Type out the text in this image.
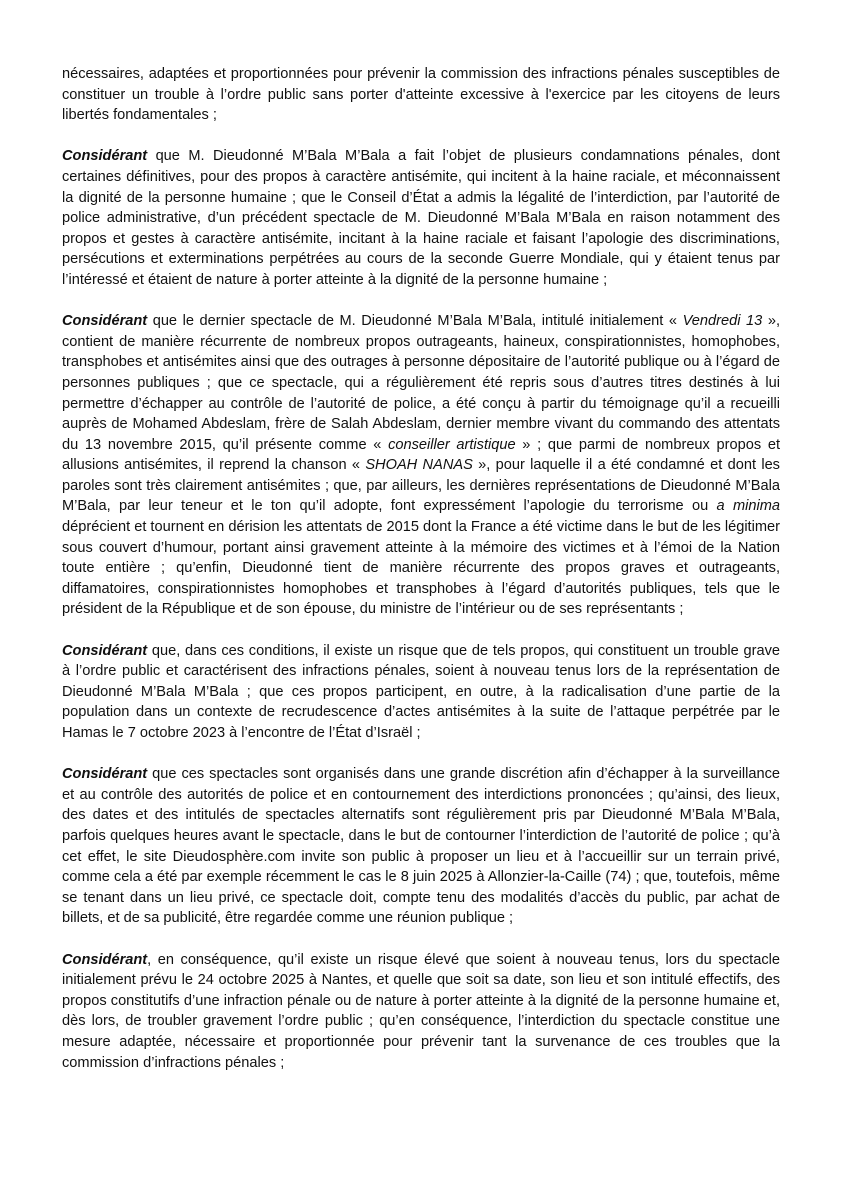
nécessaires, adaptées et proportionnées pour prévenir la commission des infractions pénales susceptibles de constituer un trouble à l’ordre public sans porter d'atteinte excessive à l'exercice par les citoyens de leurs libertés fondamentales ;

Considérant que M. Dieudonné M’Bala M’Bala a fait l’objet de plusieurs condamnations pénales, dont certaines définitives, pour des propos à caractère antisémite, qui incitent à la haine raciale, et méconnaissent la dignité de la personne humaine ; que le Conseil d’État a admis la légalité de l’interdiction, par l’autorité de police administrative, d’un précédent spectacle de M. Dieudonné M’Bala M’Bala en raison notamment des propos et gestes à caractère antisémite, incitant à la haine raciale et faisant l’apologie des discriminations, persécutions et exterminations perpétrées au cours de la seconde Guerre Mondiale, qui y étaient tenus par l’intéressé et étaient de nature à porter atteinte à la dignité de la personne humaine ;

Considérant que le dernier spectacle de M. Dieudonné M’Bala M’Bala, intitulé initialement « Vendredi 13 », contient de manière récurrente de nombreux propos outrageants, haineux, conspirationnistes, homophobes, transphobes et antisémites ainsi que des outrages à personne dépositaire de l’autorité publique ou à l’égard de personnes publiques ; que ce spectacle, qui a régulièrement été repris sous d’autres titres destinés à lui permettre d’échapper au contrôle de l’autorité de police, a été conçu à partir du témoignage qu’il a recueilli auprès de Mohamed Abdeslam, frère de Salah Abdeslam, dernier membre vivant du commando des attentats du 13 novembre 2015, qu’il présente comme « conseiller artistique » ; que parmi de nombreux propos et allusions antisémites, il reprend la chanson « SHOAH NANAS », pour laquelle il a été condamné et dont les paroles sont très clairement antisémites ; que, par ailleurs, les dernières représentations de Dieudonné M’Bala M’Bala, par leur teneur et le ton qu’il adopte, font expressément l’apologie du terrorisme ou a minima déprécient et tournent en dérision les attentats de 2015 dont la France a été victime dans le but de les légitimer sous couvert d’humour, portant ainsi gravement atteinte à la mémoire des victimes et à l’émoi de la Nation toute entière ; qu’enfin, Dieudonné tient de manière récurrente des propos graves et outrageants, diffamatoires, conspirationnistes homophobes et transphobes à l’égard d’autorités publiques, tels que le président de la République et de son épouse, du ministre de l’intérieur ou de ses représentants ;

Considérant que, dans ces conditions, il existe un risque que de tels propos, qui constituent un trouble grave à l’ordre public et caractérisent des infractions pénales, soient à nouveau tenus lors de la représentation de Dieudonné M’Bala M’Bala ; que ces propos participent, en outre, à la radicalisation d’une partie de la population dans un contexte de recrudescence d’actes antisémites à la suite de l’attaque perpétrée par le Hamas le 7 octobre 2023 à l’encontre de l’État d’Israël ;

Considérant que ces spectacles sont organisés dans une grande discrétion afin d’échapper à la surveillance et au contrôle des autorités de police et en contournement des interdictions prononcées ; qu’ainsi, des lieux, des dates et des intitulés de spectacles alternatifs sont régulièrement pris par Dieudonné M’Bala M’Bala, parfois quelques heures avant le spectacle, dans le but de contourner l’interdiction de l’autorité de police ; qu’à cet effet, le site Dieudosphère.com invite son public à proposer un lieu et à l’accueillir sur un terrain privé, comme cela a été par exemple récemment le cas le 8 juin 2025 à Allonzier-la-Caille (74) ; que, toutefois, même se tenant dans un lieu privé, ce spectacle doit, compte tenu des modalités d’accès du public, par achat de billets, et de sa publicité, être regardée comme une réunion publique ;

Considérant, en conséquence, qu’il existe un risque élevé que soient à nouveau tenus, lors du spectacle initialement prévu le 24 octobre 2025 à Nantes, et quelle que soit sa date, son lieu et son intitulé effectifs, des propos constitutifs d’une infraction pénale ou de nature à porter atteinte à la dignité de la personne humaine et, dès lors, de troubler gravement l’ordre public ; qu’en conséquence, l’interdiction du spectacle constitue une mesure adaptée, nécessaire et proportionnée pour prévenir tant la survenance de ces troubles que la commission d’infractions pénales ;
